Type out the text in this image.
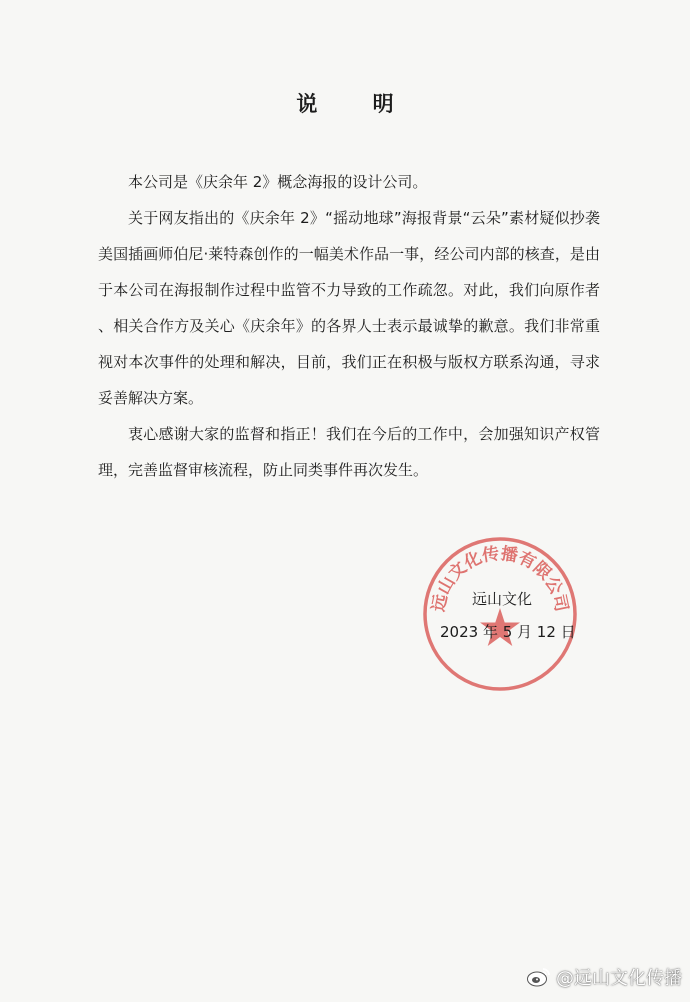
说 明

本公司是《庆余年 2》概念海报的设计公司。

关于网友指出的《庆余年 2》“摇动地球”海报背景“云朵”素材疑似抄袭美国插画师伯尼·莱特森创作的一幅美术作品一事，经公司内部的核查，是由于本公司在海报制作过程中监管不力导致的工作疏忽。对此，我们向原作者、相关合作方及关心《庆余年》的各界人士表示最诚挚的歉意。我们非常重视对本次事件的处理和解决，目前，我们正在积极与版权方联系沟通，寻求妥善解决方案。

衷心感谢大家的监督和指正！我们在今后的工作中，会加强知识产权管理，完善监督审核流程，防止同类事件再次发生。

远山文化传播有限公司
远山文化
2023 年 5 月 12 日
@远山文化传播
